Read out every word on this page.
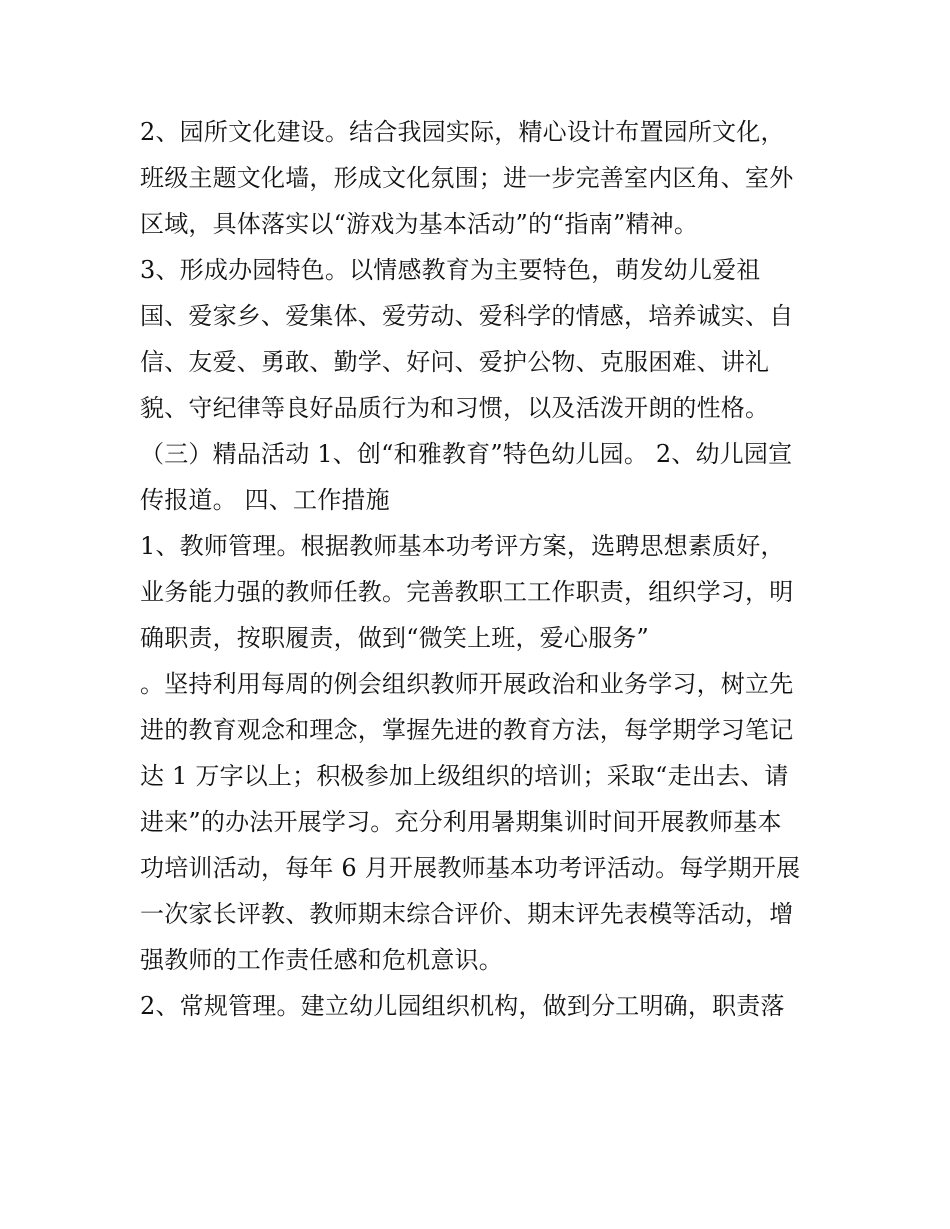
2、园所文化建设。结合我园实际，精心设计布置园所文化，
班级主题文化墙，形成文化氛围；进一步完善室内区角、室外
区域，具体落实以“游戏为基本活动”的“指南”精神。
3、形成办园特色。以情感教育为主要特色，萌发幼儿爱祖
国、爱家乡、爱集体、爱劳动、爱科学的情感，培养诚实、自
信、友爱、勇敢、勤学、好问、爱护公物、克服困难、讲礼
貌、守纪律等良好品质行为和习惯，以及活泼开朗的性格。
（三）精品活动 1、创“和雅教育”特色幼儿园。 2、幼儿园宣
传报道。 四、工作措施
1、教师管理。根据教师基本功考评方案，选聘思想素质好，
业务能力强的教师任教。完善教职工工作职责，组织学习，明
确职责，按职履责，做到“微笑上班，爱心服务”
。坚持利用每周的例会组织教师开展政治和业务学习，树立先
进的教育观念和理念，掌握先进的教育方法，每学期学习笔记
达 1 万字以上；积极参加上级组织的培训；采取“走出去、请
进来”的办法开展学习。充分利用暑期集训时间开展教师基本
功培训活动，每年 6 月开展教师基本功考评活动。每学期开展
一次家长评教、教师期末综合评价、期末评先表模等活动，增
强教师的工作责任感和危机意识。
2、常规管理。建立幼儿园组织机构，做到分工明确，职责落
